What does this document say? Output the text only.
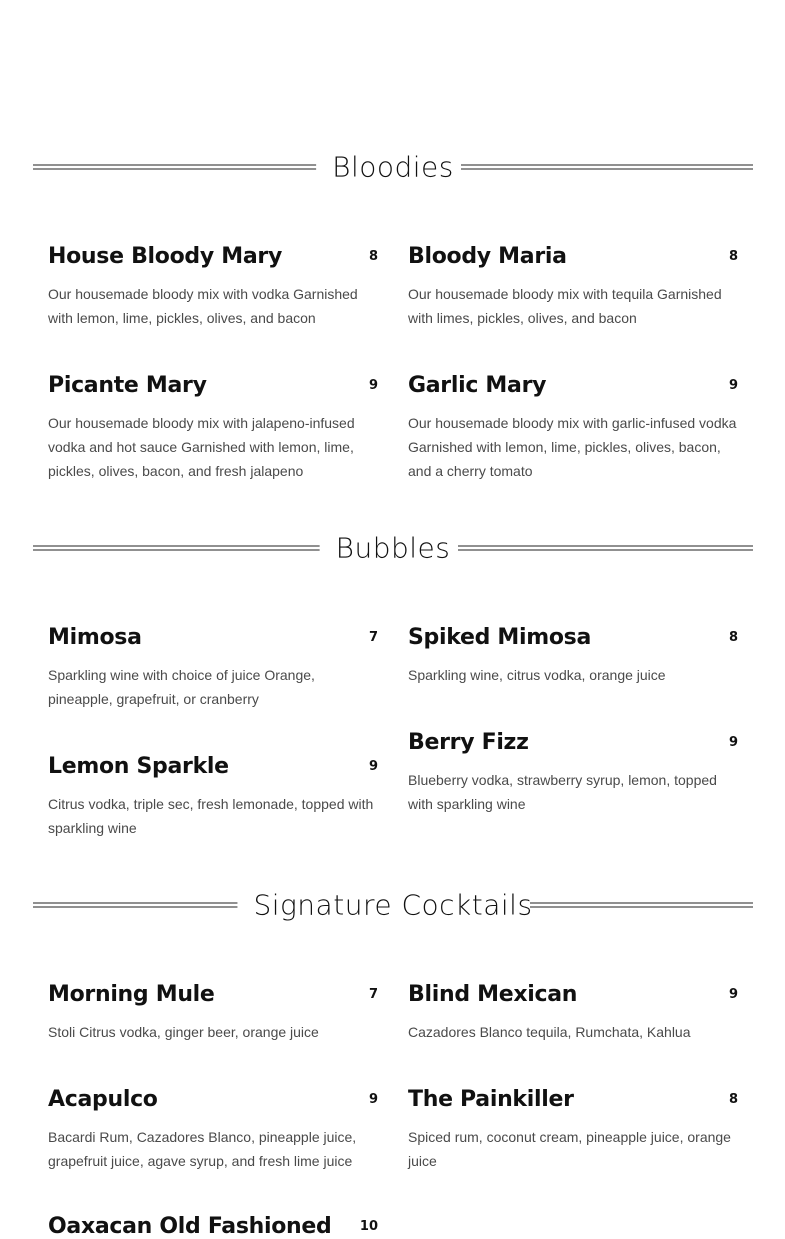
Bloodies
House Bloody Mary	8
Our housemade bloody mix with vodka Garnished with lemon, lime, pickles, olives, and bacon
Bloody Maria	8
Our housemade bloody mix with tequila Garnished with limes, pickles, olives, and bacon
Picante Mary	9
Our housemade bloody mix with jalapeno-infused vodka and hot sauce Garnished with lemon, lime, pickles, olives, bacon, and fresh jalapeno
Garlic Mary	9
Our housemade bloody mix with garlic-infused vodka Garnished with lemon, lime, pickles, olives, bacon, and a cherry tomato
Bubbles
Mimosa	7
Sparkling wine with choice of juice Orange, pineapple, grapefruit, or cranberry
Spiked Mimosa	8
Sparkling wine, citrus vodka, orange juice
Lemon Sparkle	9
Citrus vodka, triple sec, fresh lemonade, topped with sparkling wine
Berry Fizz	9
Blueberry vodka, strawberry syrup, lemon, topped with sparkling wine
Signature Cocktails
Morning Mule	7
Stoli Citrus vodka, ginger beer, orange juice
Blind Mexican	9
Cazadores Blanco tequila, Rumchata, Kahlua
Acapulco	9
Bacardi Rum, Cazadores Blanco, pineapple juice, grapefruit juice, agave syrup, and fresh lime juice
The Painkiller	8
Spiced rum, coconut cream, pineapple juice, orange juice
Oaxacan Old Fashioned 10
